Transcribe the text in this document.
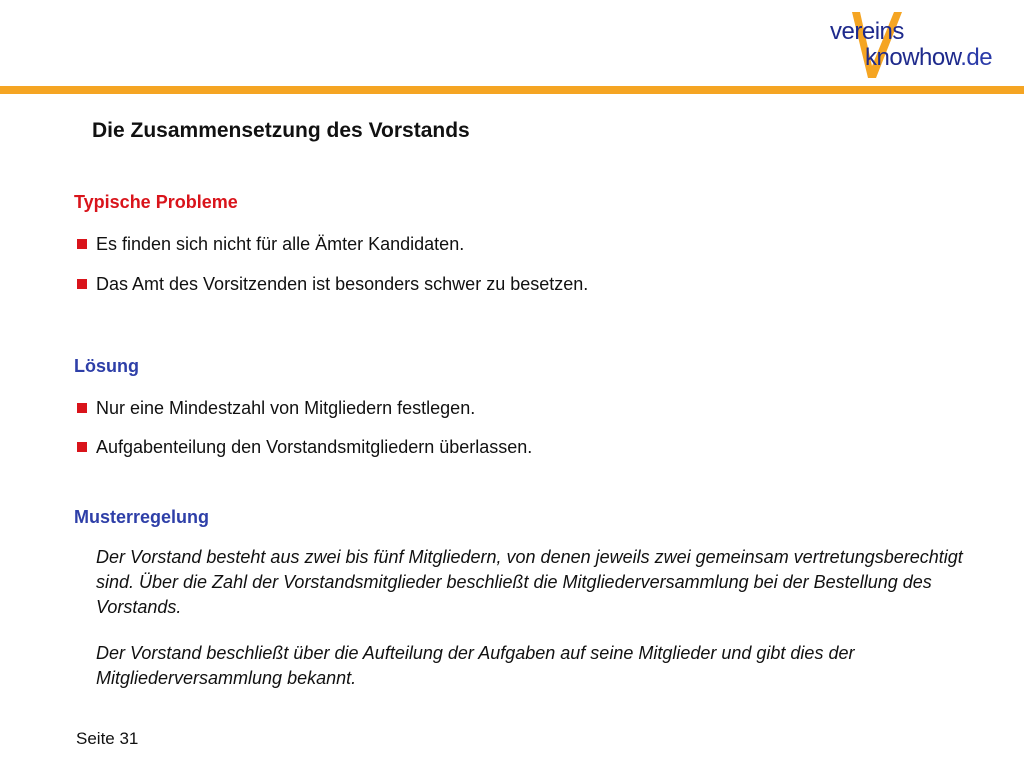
vereins
knowhow.de
Die Zusammensetzung des Vorstands
Typische Probleme
Es finden sich nicht für alle Ämter Kandidaten.
Das Amt des Vorsitzenden ist besonders schwer zu besetzen.
Lösung
Nur eine Mindestzahl von Mitgliedern festlegen.
Aufgabenteilung den Vorstandsmitgliedern überlassen.
Musterregelung
Der Vorstand besteht aus zwei bis fünf Mitgliedern, von denen jeweils zwei gemeinsam vertretungsberechtigt sind. Über die Zahl der Vorstandsmitglieder beschließt die Mitgliederversammlung bei der Bestellung des Vorstands.
Der Vorstand beschließt über die Aufteilung der Aufgaben auf seine Mitglieder und gibt dies der Mitgliederversammlung bekannt.
Seite 31
